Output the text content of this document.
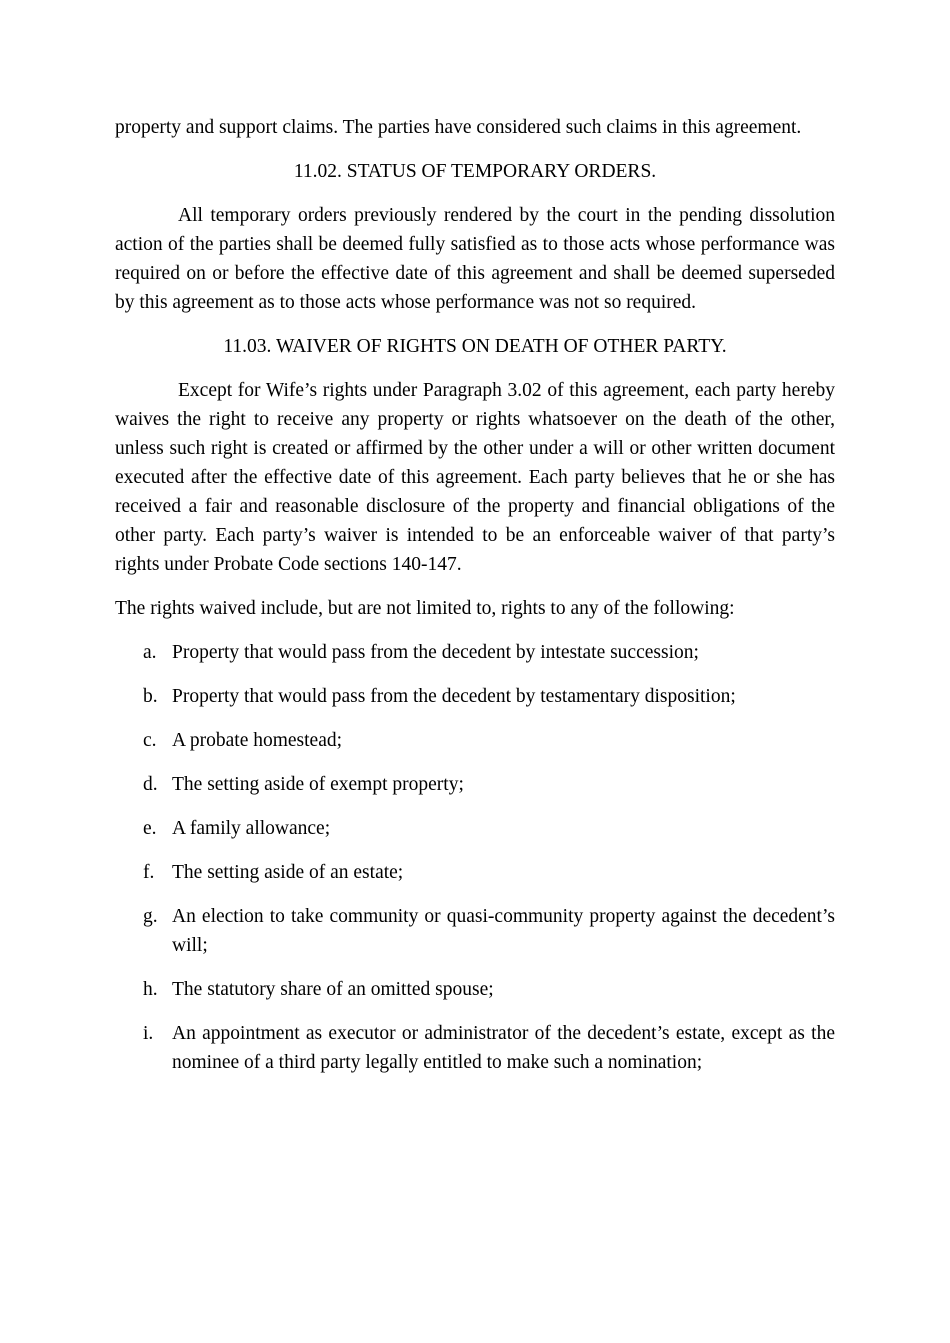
property and support claims. The parties have considered such claims in this agreement.

11.02. STATUS OF TEMPORARY ORDERS.

All temporary orders previously rendered by the court in the pending dissolution action of the parties shall be deemed fully satisfied as to those acts whose performance was required on or before the effective date of this agreement and shall be deemed superseded by this agreement as to those acts whose performance was not so required.

11.03. WAIVER OF RIGHTS ON DEATH OF OTHER PARTY.

Except for Wife’s rights under Paragraph 3.02 of this agreement, each party hereby waives the right to receive any property or rights whatsoever on the death of the other, unless such right is created or affirmed by the other under a will or other written document executed after the effective date of this agreement. Each party believes that he or she has received a fair and reasonable disclosure of the property and financial obligations of the other party. Each party’s waiver is intended to be an enforceable waiver of that party’s rights under Probate Code sections 140-147.

The rights waived include, but are not limited to, rights to any of the following:

a. Property that would pass from the decedent by intestate succession;
b. Property that would pass from the decedent by testamentary disposition;
c. A probate homestead;
d. The setting aside of exempt property;
e. A family allowance;
f. The setting aside of an estate;
g. An election to take community or quasi-community property against the decedent’s will;
h. The statutory share of an omitted spouse;
i. An appointment as executor or administrator of the decedent’s estate, except as the nominee of a third party legally entitled to make such a nomination;
